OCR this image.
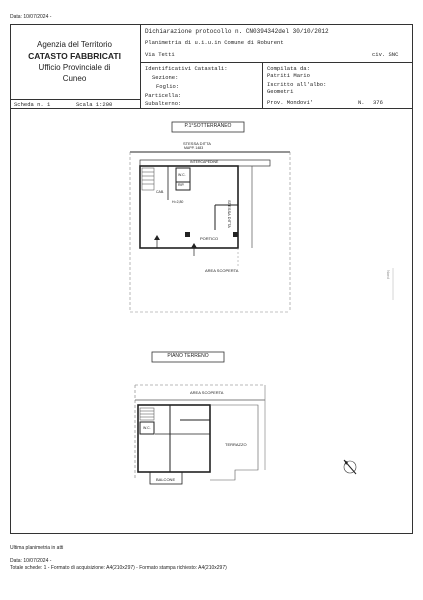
Data: 10/07/2024 -
Agenzia del Territorio
CATASTO FABBRICATI
Ufficio Provinciale di
Cuneo
Dichiarazione protocollo n. CN0394342del 30/10/2012
Planimetria di u.i.u.in Comune di Roburent
Via Tetti	civ. SNC
Identificativi Catastali:
Sezione:
Foglio:
Particella:
Subalterno:
Compilata da:
Patriti Mario
Iscritto all'albo:
Geometri
Prov. Mondovi'	N. 376
Scheda n. 1	Scala 1:200
P.1°SOTTERRANEO
STESSA DITTA
MAPP. 1483
INTERCAPEDINE
W.C.
RIP.
CAB.
H=2,80
PORTICO
AREA SCOPERTA
STESSA DITTA
PIANO TERRENO
AREA SCOPERTA
TERRAZZO
BALCONE
W.C.
Nord
Ultima planimetria in atti
Data: 10/07/2024 -
Totale schede: 1 - Formato di acquisizione: A4(210x297) - Formato stampa richiesto: A4(210x297)
